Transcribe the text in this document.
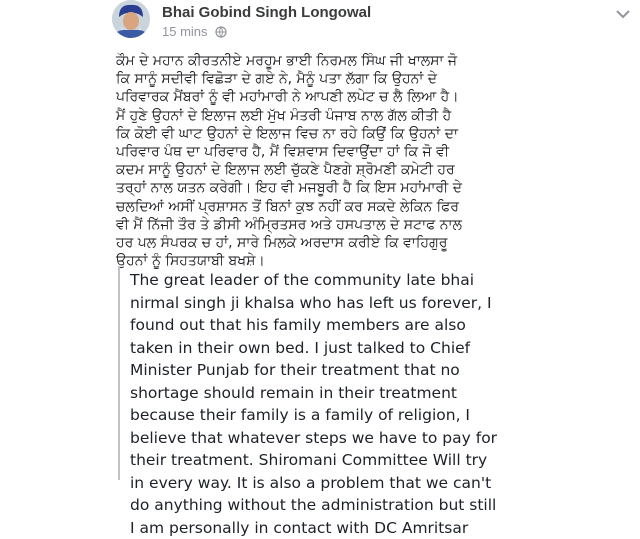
Bhai Gobind Singh Longowal
15 mins
ਕੌਮ ਦੇ ਮਹਾਨ ਕੀਰਤਨੀਏ ਮਰਹੂਮ ਭਾਈ ਨਿਰਮਲ ਸਿੰਘ ਜੀ ਖਾਲਸਾ ਜੋ
ਕਿ ਸਾਨੂੰ ਸਦੀਵੀ ਵਿਛੋੜਾ ਦੇ ਗਏ ਨੇ, ਮੈਨੂੰ ਪਤਾ ਲੱਗਾ ਕਿ ਉਹਨਾਂ ਦੇ
ਪਰਿਵਾਰਕ ਮੈਂਬਰਾਂ ਨੂੰ ਵੀ ਮਹਾਂਮਾਰੀ ਨੇ ਆਪਣੀ ਲਪੇਟ ਚ ਲੈ ਲਿਆ ਹੈ।
ਮੈਂ ਹੁਣੇ ਉਹਨਾਂ ਦੇ ਇਲਾਜ ਲਈ ਮੁੱਖ ਮੰਤਰੀ ਪੰਜਾਬ ਨਾਲ ਗੱਲ ਕੀਤੀ ਹੈ
ਕਿ ਕੋਈ ਵੀ ਘਾਟ ਉਹਨਾਂ ਦੇ ਇਲਾਜ ਵਿਚ ਨਾ ਰਹੇ ਕਿਉਂ ਕਿ ਉਹਨਾਂ ਦਾ
ਪਰਿਵਾਰ ਪੰਥ ਦਾ ਪਰਿਵਾਰ ਹੈ, ਮੈਂ ਵਿਸ਼ਵਾਸ ਦਿਵਾਉਂਦਾ ਹਾਂ ਕਿ ਜੋ ਵੀ
ਕਦਮ ਸਾਨੂੰ ਉਹਨਾਂ ਦੇ ਇਲਾਜ ਲਈ ਚੁੱਕਣੇ ਪੈਣਗੇ ਸ਼੍ਰੋਮਣੀ ਕਮੇਟੀ ਹਰ
ਤਰ੍ਹਾਂ ਨਾਲ ਯਤਨ ਕਰੇਗੀ। ਇਹ ਵੀ ਮਜਬੂਰੀ ਹੈ ਕਿ ਇਸ ਮਹਾਂਮਾਰੀ ਦੇ
ਚਲਦਿਆਂ ਅਸੀਂ ਪ੍ਰਸ਼ਾਸਨ ਤੋਂ ਬਿਨਾਂ ਕੁਝ ਨਹੀਂ ਕਰ ਸਕਦੇ ਲੇਕਿਨ ਫਿਰ
ਵੀ ਮੈਂ ਨਿੱਜੀ ਤੌਰ ਤੇ ਡੀਸੀ ਅੰਮ੍ਰਿਤਸਰ ਅਤੇ ਹਸਪਤਾਲ ਦੇ ਸਟਾਫ ਨਾਲ
ਹਰ ਪਲ ਸੰਪਰਕ ਚ ਹਾਂ, ਸਾਰੇ ਮਿਲਕੇ ਅਰਦਾਸ ਕਰੀਏ ਕਿ ਵਾਹਿਗੁਰੂ
ਉਹਨਾਂ ਨੂੰ ਸਿਹਤਯਾਬੀ ਬਖਸ਼ੇ।
The great leader of the community late bhai
nirmal singh ji khalsa who has left us forever, I
found out that his family members are also
taken in their own bed. I just talked to Chief
Minister Punjab for their treatment that no
shortage should remain in their treatment
because their family is a family of religion, I
believe that whatever steps we have to pay for
their treatment. Shiromani Committee Will try
in every way. It is also a problem that we can't
do anything without the administration but still
I am personally in contact with DC Amritsar
